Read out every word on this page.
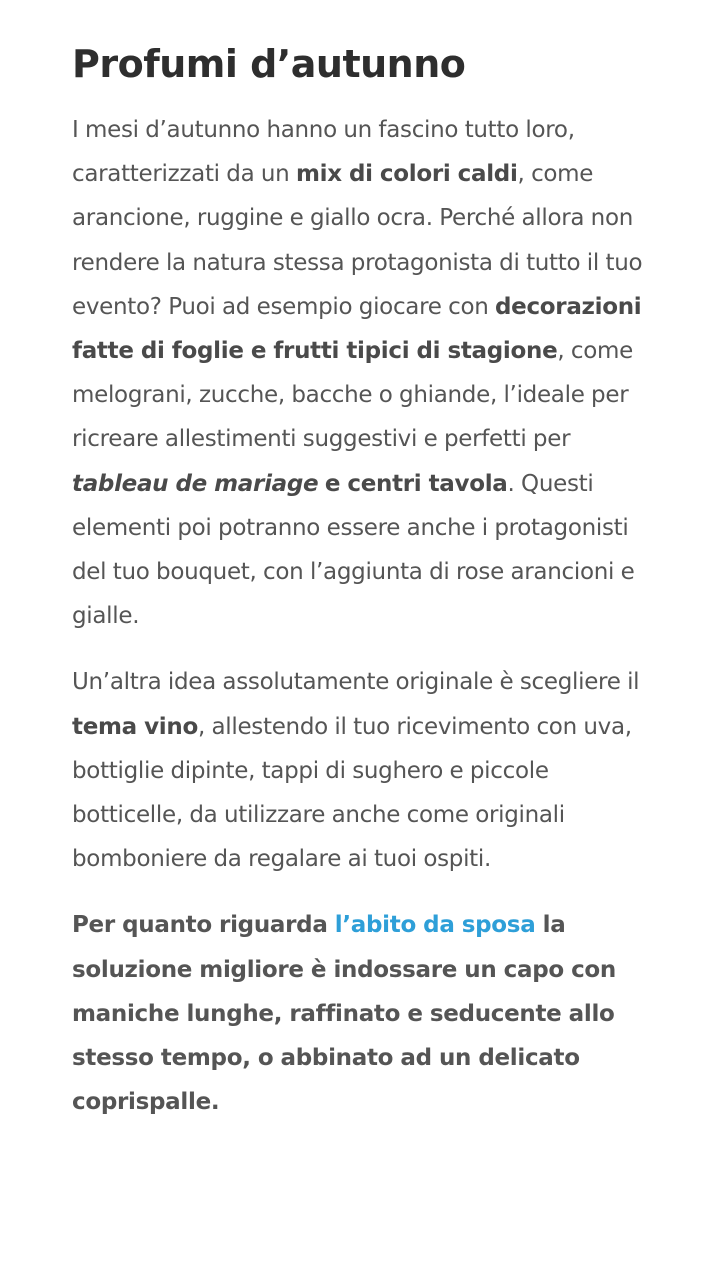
Profumi d’autunno

I mesi d’autunno hanno un fascino tutto loro, caratterizzati da un mix di colori caldi, come arancione, ruggine e giallo ocra. Perché allora non rendere la natura stessa protagonista di tutto il tuo evento? Puoi ad esempio giocare con decorazioni fatte di foglie e frutti tipici di stagione, come melograni, zucche, bacche o ghiande, l’ideale per ricreare allestimenti suggestivi e perfetti per tableau de mariage e centri tavola. Questi elementi poi potranno essere anche i protagonisti del tuo bouquet, con l’aggiunta di rose arancioni e gialle.

Un’altra idea assolutamente originale è scegliere il tema vino, allestendo il tuo ricevimento con uva, bottiglie dipinte, tappi di sughero e piccole botticelle, da utilizzare anche come originali bomboniere da regalare ai tuoi ospiti.

Per quanto riguarda l’abito da sposa la soluzione migliore è indossare un capo con maniche lunghe, raffinato e seducente allo stesso tempo, o abbinato ad un delicato coprispalle.
